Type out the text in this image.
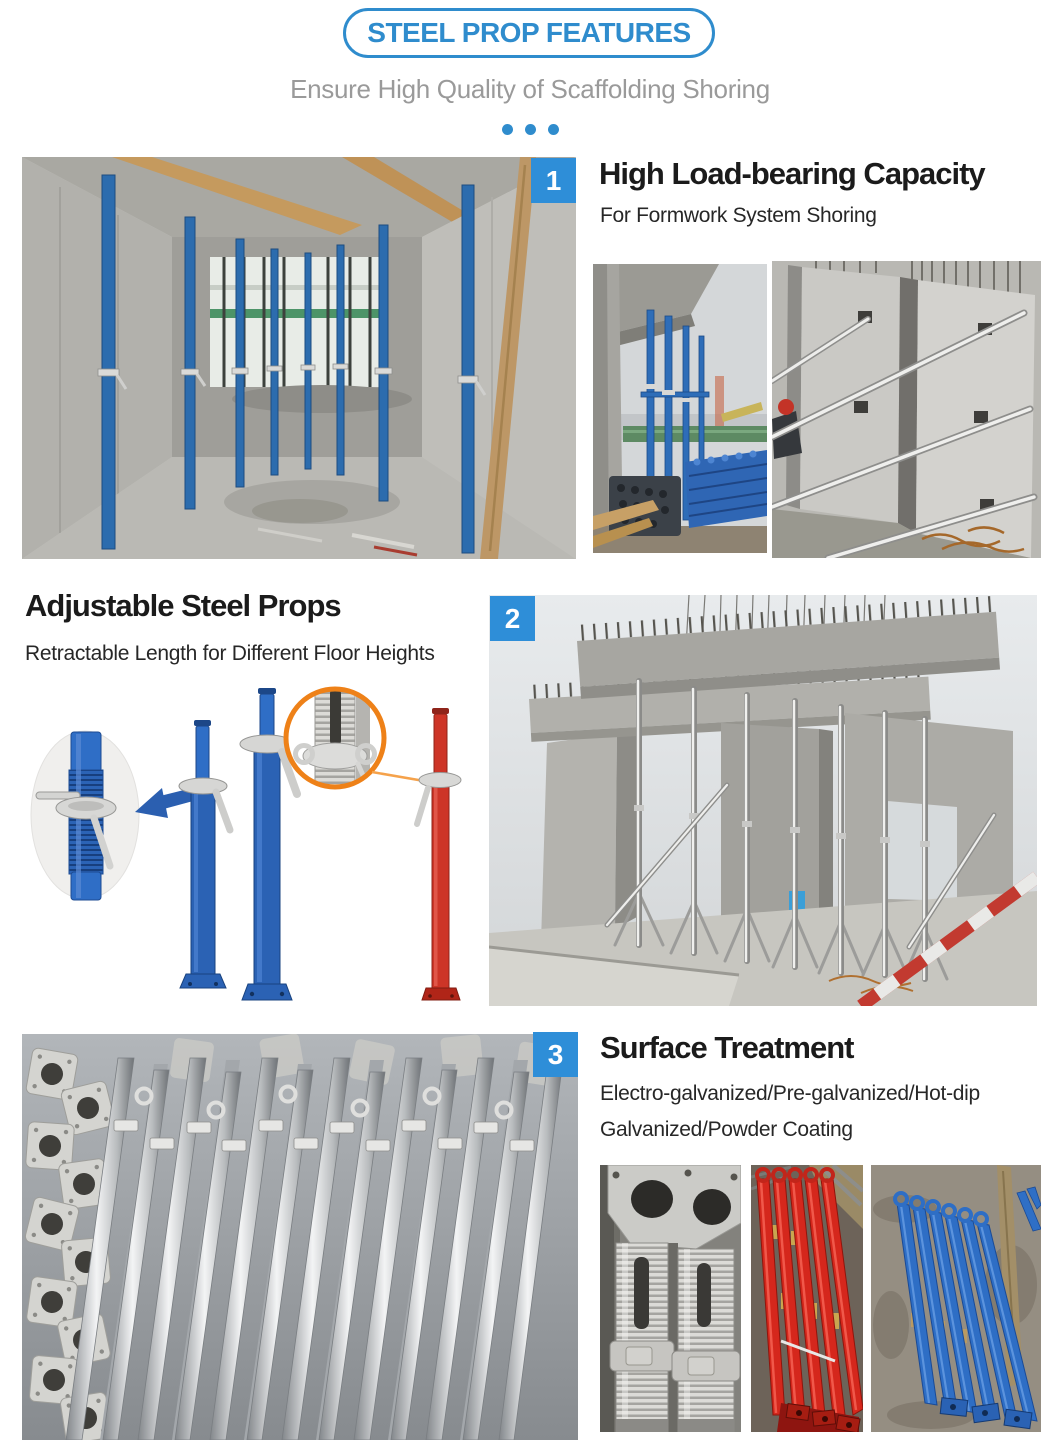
STEEL PROP FEATURES
Ensure High Quality of Scaffolding Shoring
1 High Load-bearing Capacity
For Formwork System Shoring
Adjustable Steel Props
Retractable Length for Different Floor Heights
2
3 Surface Treatment
Electro-galvanized/Pre-galvanized/Hot-dip
Galvanized/Powder Coating
